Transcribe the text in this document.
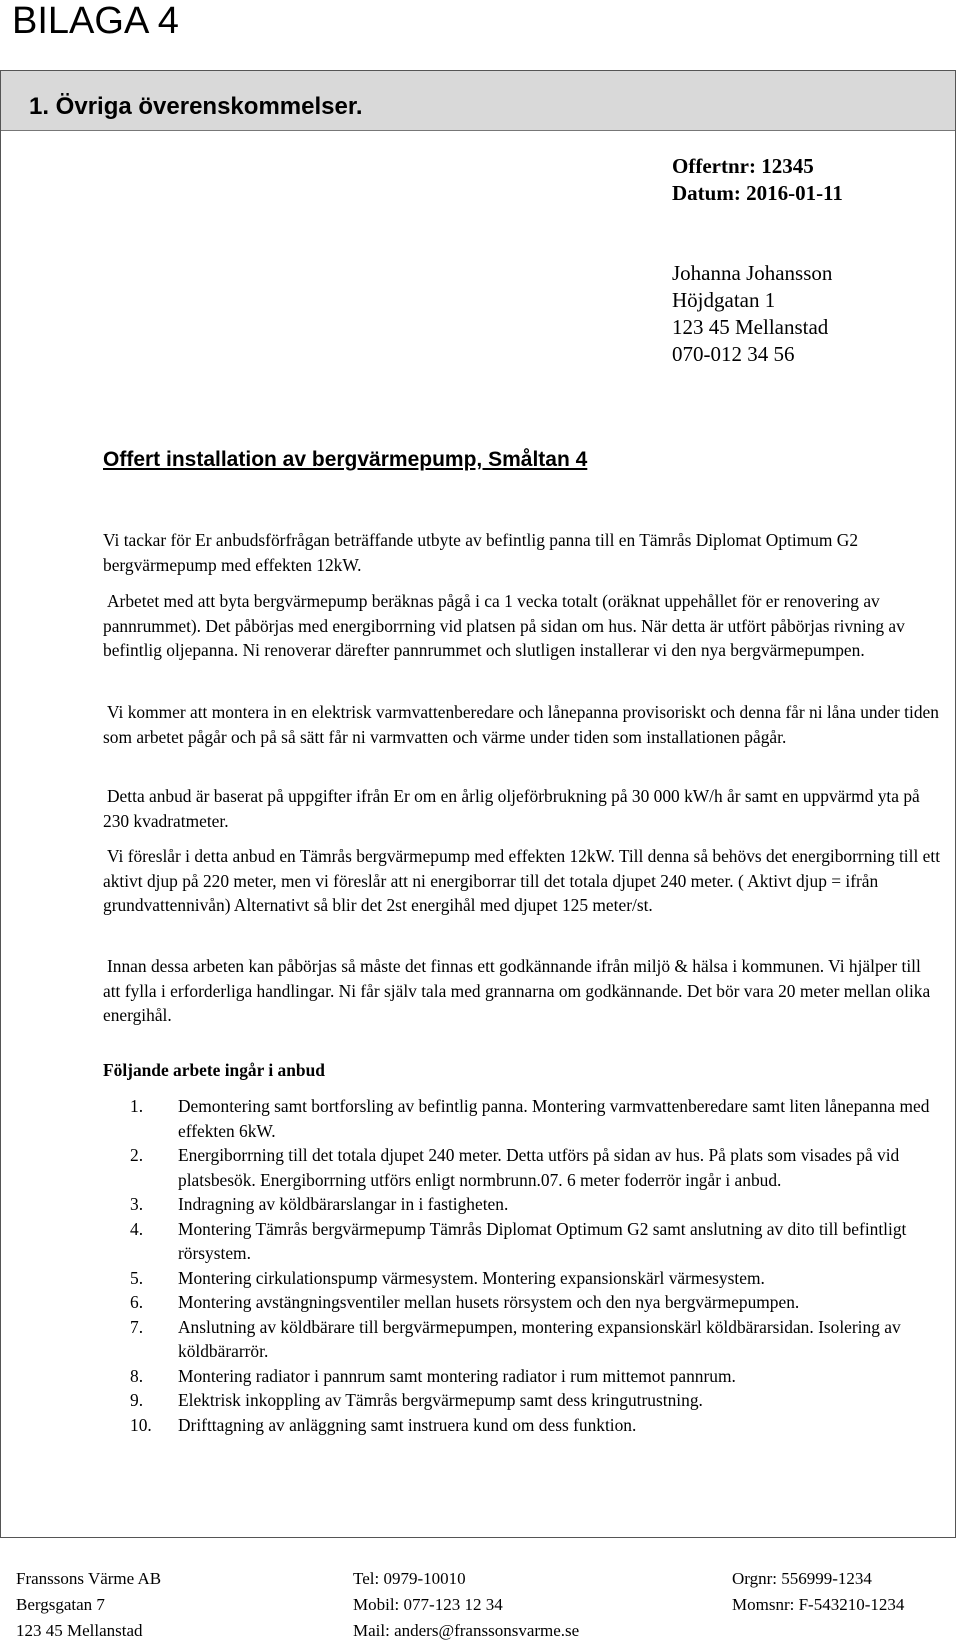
BILAGA 4
1. Övriga överenskommelser.
Offertnr: 12345
Datum: 2016-01-11
Johanna Johansson
Höjdgatan 1
123 45 Mellanstad
070-012 34 56
Offert installation av bergvärmepump, Småltan 4

Vi tackar för Er anbudsförfrågan beträffande utbyte av befintlig panna till en Tämrås Diplomat Optimum G2 bergvärmepump med effekten 12kW.

Arbetet med att byta bergvärmepump beräknas pågå i ca 1 vecka totalt (oräknat uppehållet för er renovering av pannrummet). Det påbörjas med energiborrning vid platsen på sidan om hus. När detta är utfört påbörjas rivning av befintlig oljepanna. Ni renoverar därefter pannrummet och slutligen installerar vi den nya bergvärmepumpen.

Vi kommer att montera in en elektrisk varmvattenberedare och lånepanna provisoriskt och denna får ni låna under tiden som arbetet pågår och på så sätt får ni varmvatten och värme under tiden som installationen pågår.

Detta anbud är baserat på uppgifter ifrån Er om en årlig oljeförbrukning på 30 000 kW/h år samt en uppvärmd yta på 230 kvadratmeter.

Vi föreslår i detta anbud en Tämrås bergvärmepump med effekten 12kW. Till denna så behövs det energiborrning till ett aktivt djup på 220 meter, men vi föreslår att ni energiborrar till det totala djupet 240 meter. ( Aktivt djup = ifrån grundvattennivån) Alternativt så blir det 2st energihål med djupet 125 meter/st.

Innan dessa arbeten kan påbörjas så måste det finnas ett godkännande ifrån miljö & hälsa i kommunen. Vi hjälper till att fylla i erforderliga handlingar. Ni får själv tala med grannarna om godkännande. Det bör vara 20 meter mellan olika energihål.

Följande arbete ingår i anbud
1. Demontering samt bortforsling av befintlig panna. Montering varmvattenberedare samt liten lånepanna med effekten 6kW.
2. Energiborrning till det totala djupet 240 meter. Detta utförs på sidan av hus. På plats som visades på vid platsbesök. Energiborrning utförs enligt normbrunn.07. 6 meter foderrör ingår i anbud.
3. Indragning av köldbärarslangar in i fastigheten.
4. Montering Tämrås bergvärmepump Tämrås Diplomat Optimum G2 samt anslutning av dito till befintligt rörsystem.
5. Montering cirkulationspump värmesystem. Montering expansionskärl värmesystem.
6. Montering avstängningsventiler mellan husets rörsystem och den nya bergvärmepumpen.
7. Anslutning av köldbärare till bergvärmepumpen, montering expansionskärl köldbärarsidan. Isolering av köldbärarrör.
8. Montering radiator i pannrum samt montering radiator i rum mittemot pannrum.
9. Elektrisk inkoppling av Tämrås bergvärmepump samt dess kringutrustning.
10. Drifttagning av anläggning samt instruera kund om dess funktion.
Franssons Värme AB
Bergsgatan 7
123 45 Mellanstad
Tel: 0979-10010
Mobil: 077-123 12 34
Mail: anders@franssonsvarme.se
Orgnr: 556999-1234
Momsnr: F-543210-1234
